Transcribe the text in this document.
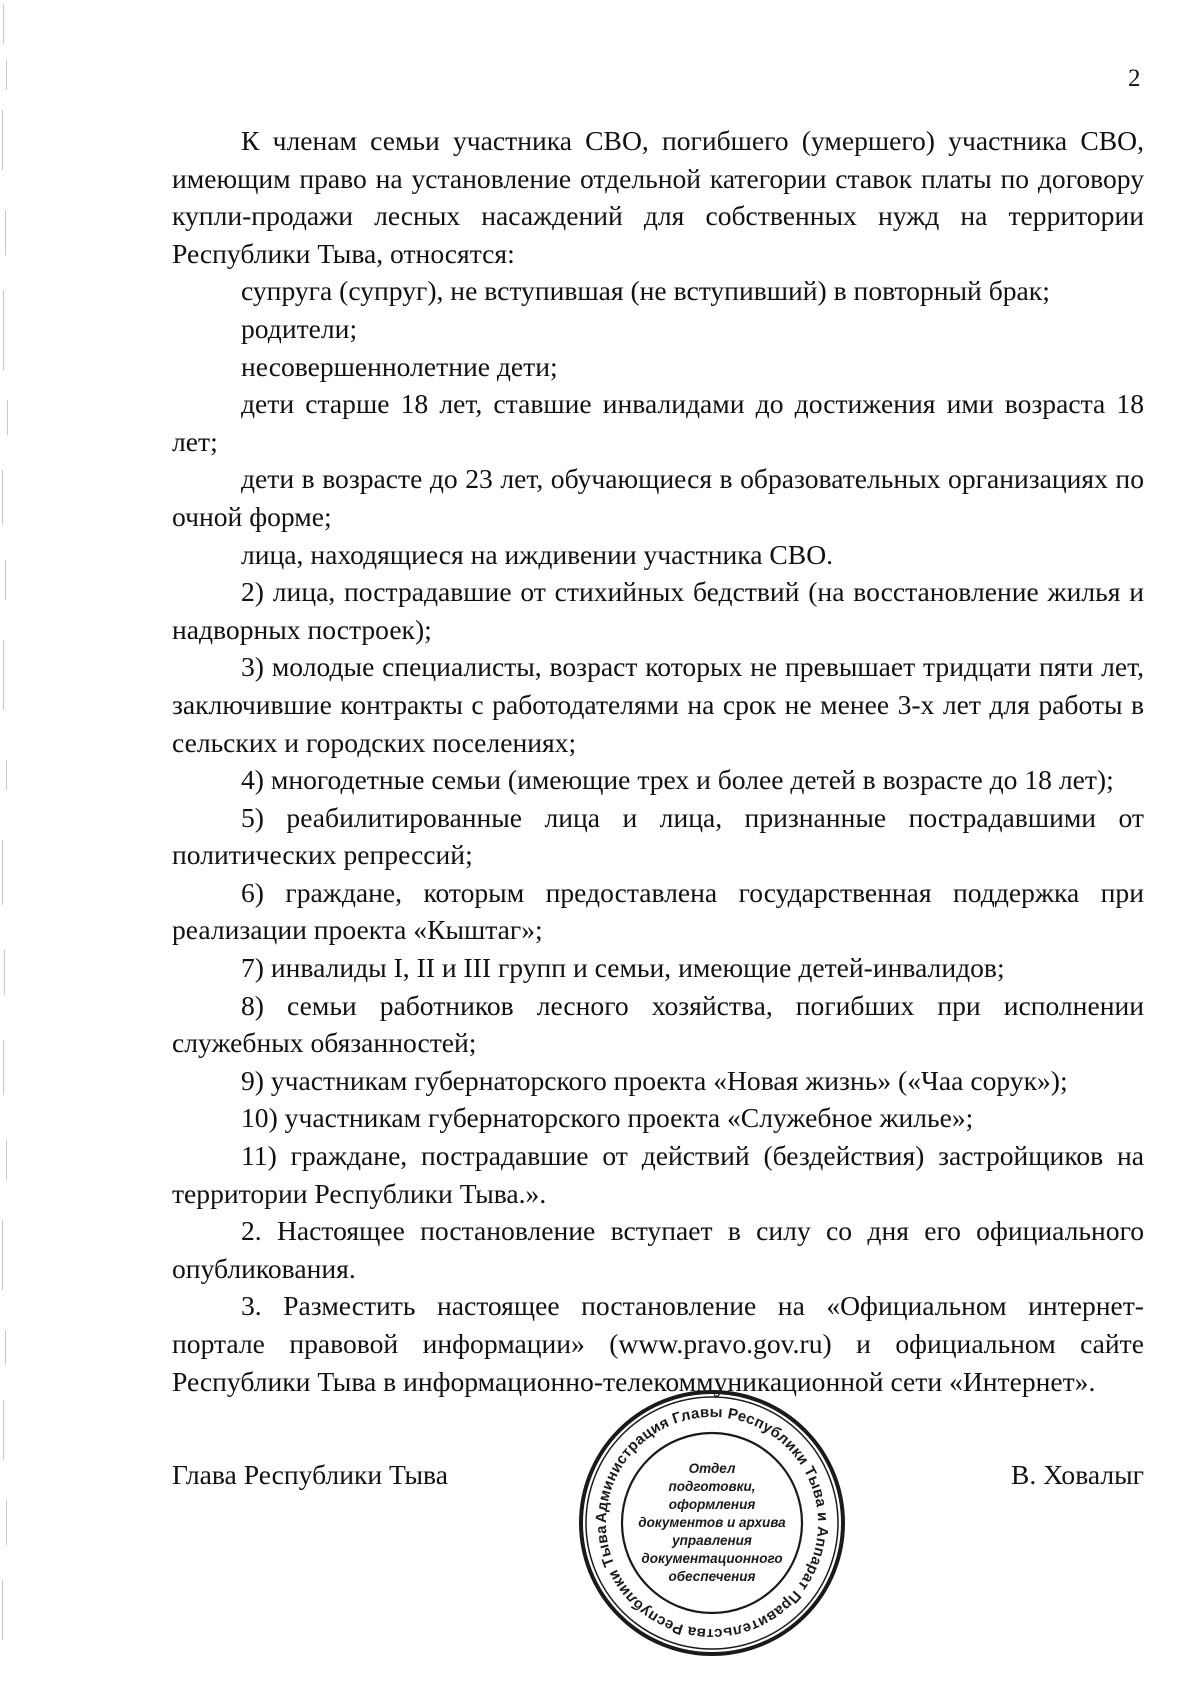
2

К членам семьи участника СВО, погибшего (умершего) участника СВО, имеющим право на установление отдельной категории ставок платы по договору купли-продажи лесных насаждений для собственных нужд на территории Республики Тыва, относятся:

супруга (супруг), не вступившая (не вступивший) в повторный брак;

родители;

несовершеннолетние дети;

дети старше 18 лет, ставшие инвалидами до достижения ими возраста 18 лет;

дети в возрасте до 23 лет, обучающиеся в образовательных организациях по очной форме;

лица, находящиеся на иждивении участника СВО.

2) лица, пострадавшие от стихийных бедствий (на восстановление жилья и надворных построек);

3) молодые специалисты, возраст которых не превышает тридцати пяти лет, заключившие контракты с работодателями на срок не менее 3-х лет для работы в сельских и городских поселениях;

4) многодетные семьи (имеющие трех и более детей в возрасте до 18 лет);

5) реабилитированные лица и лица, признанные пострадавшими от политических репрессий;

6) граждане, которым предоставлена государственная поддержка при реализации проекта «Кыштаг»;

7) инвалиды I, II и III групп и семьи, имеющие детей-инвалидов;

8) семьи работников лесного хозяйства, погибших при исполнении служебных обязанностей;

9) участникам губернаторского проекта «Новая жизнь» («Чаа сорук»);

10) участникам губернаторского проекта «Служебное жилье»;

11) граждане, пострадавшие от действий (бездействия) застройщиков на территории Республики Тыва.».

2. Настоящее постановление вступает в силу со дня его официального опубликования.

3. Разместить настоящее постановление на «Официальном интернет-портале правовой информации» (www.pravo.gov.ru) и официальном сайте Республики Тыва в информационно-телекоммуникационной сети «Интернет».

Глава Республики Тыва	В. Ховалыг
Администрация Главы Республики Тыва и Аппарат Правительства Республики Тыва
Отдел
подготовки,
оформления
документов и архива
управления
документационного
обеспечения
